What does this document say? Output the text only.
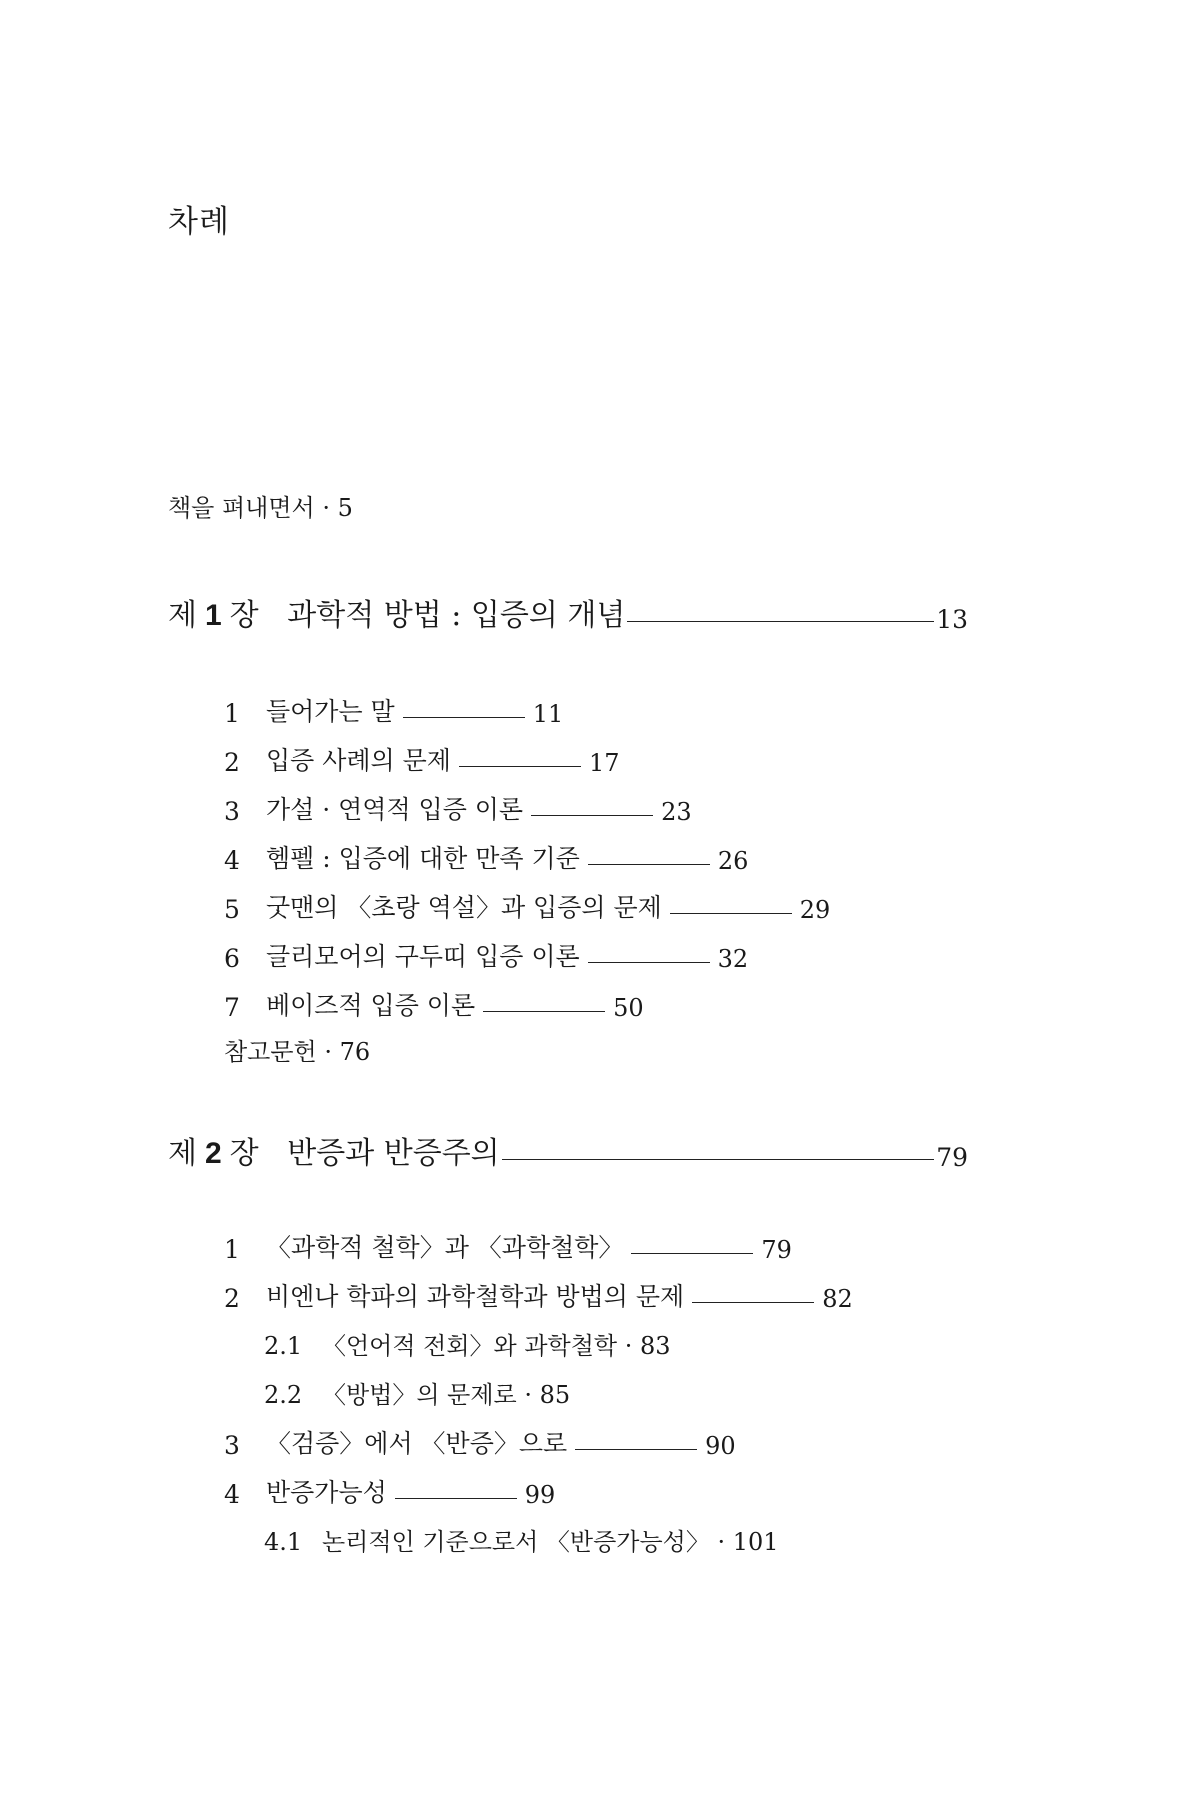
차례
책을 펴내면서 · 5
제 1 장 과학적 방법 : 입증의 개념	13
1	들어가는 말	11
2	입증 사례의 문제	17
3	가설 · 연역적 입증 이론	23
4	헴펠 : 입증에 대한 만족 기준	26
5	굿맨의 〈초랑 역설〉과 입증의 문제	29
6	글리모어의 구두띠 입증 이론	32
7	베이즈적 입증 이론	50
참고문헌 · 76
제 2 장 반증과 반증주의	79
1	〈과학적 철학〉과 〈과학철학〉	79
2	비엔나 학파의 과학철학과 방법의 문제	82
2.1 〈언어적 전회〉와 과학철학 · 83
2.2 〈방법〉의 문제로 · 85
3	〈검증〉에서 〈반증〉으로	90
4	반증가능성	99
4.1 논리적인 기준으로서 〈반증가능성〉 · 101
